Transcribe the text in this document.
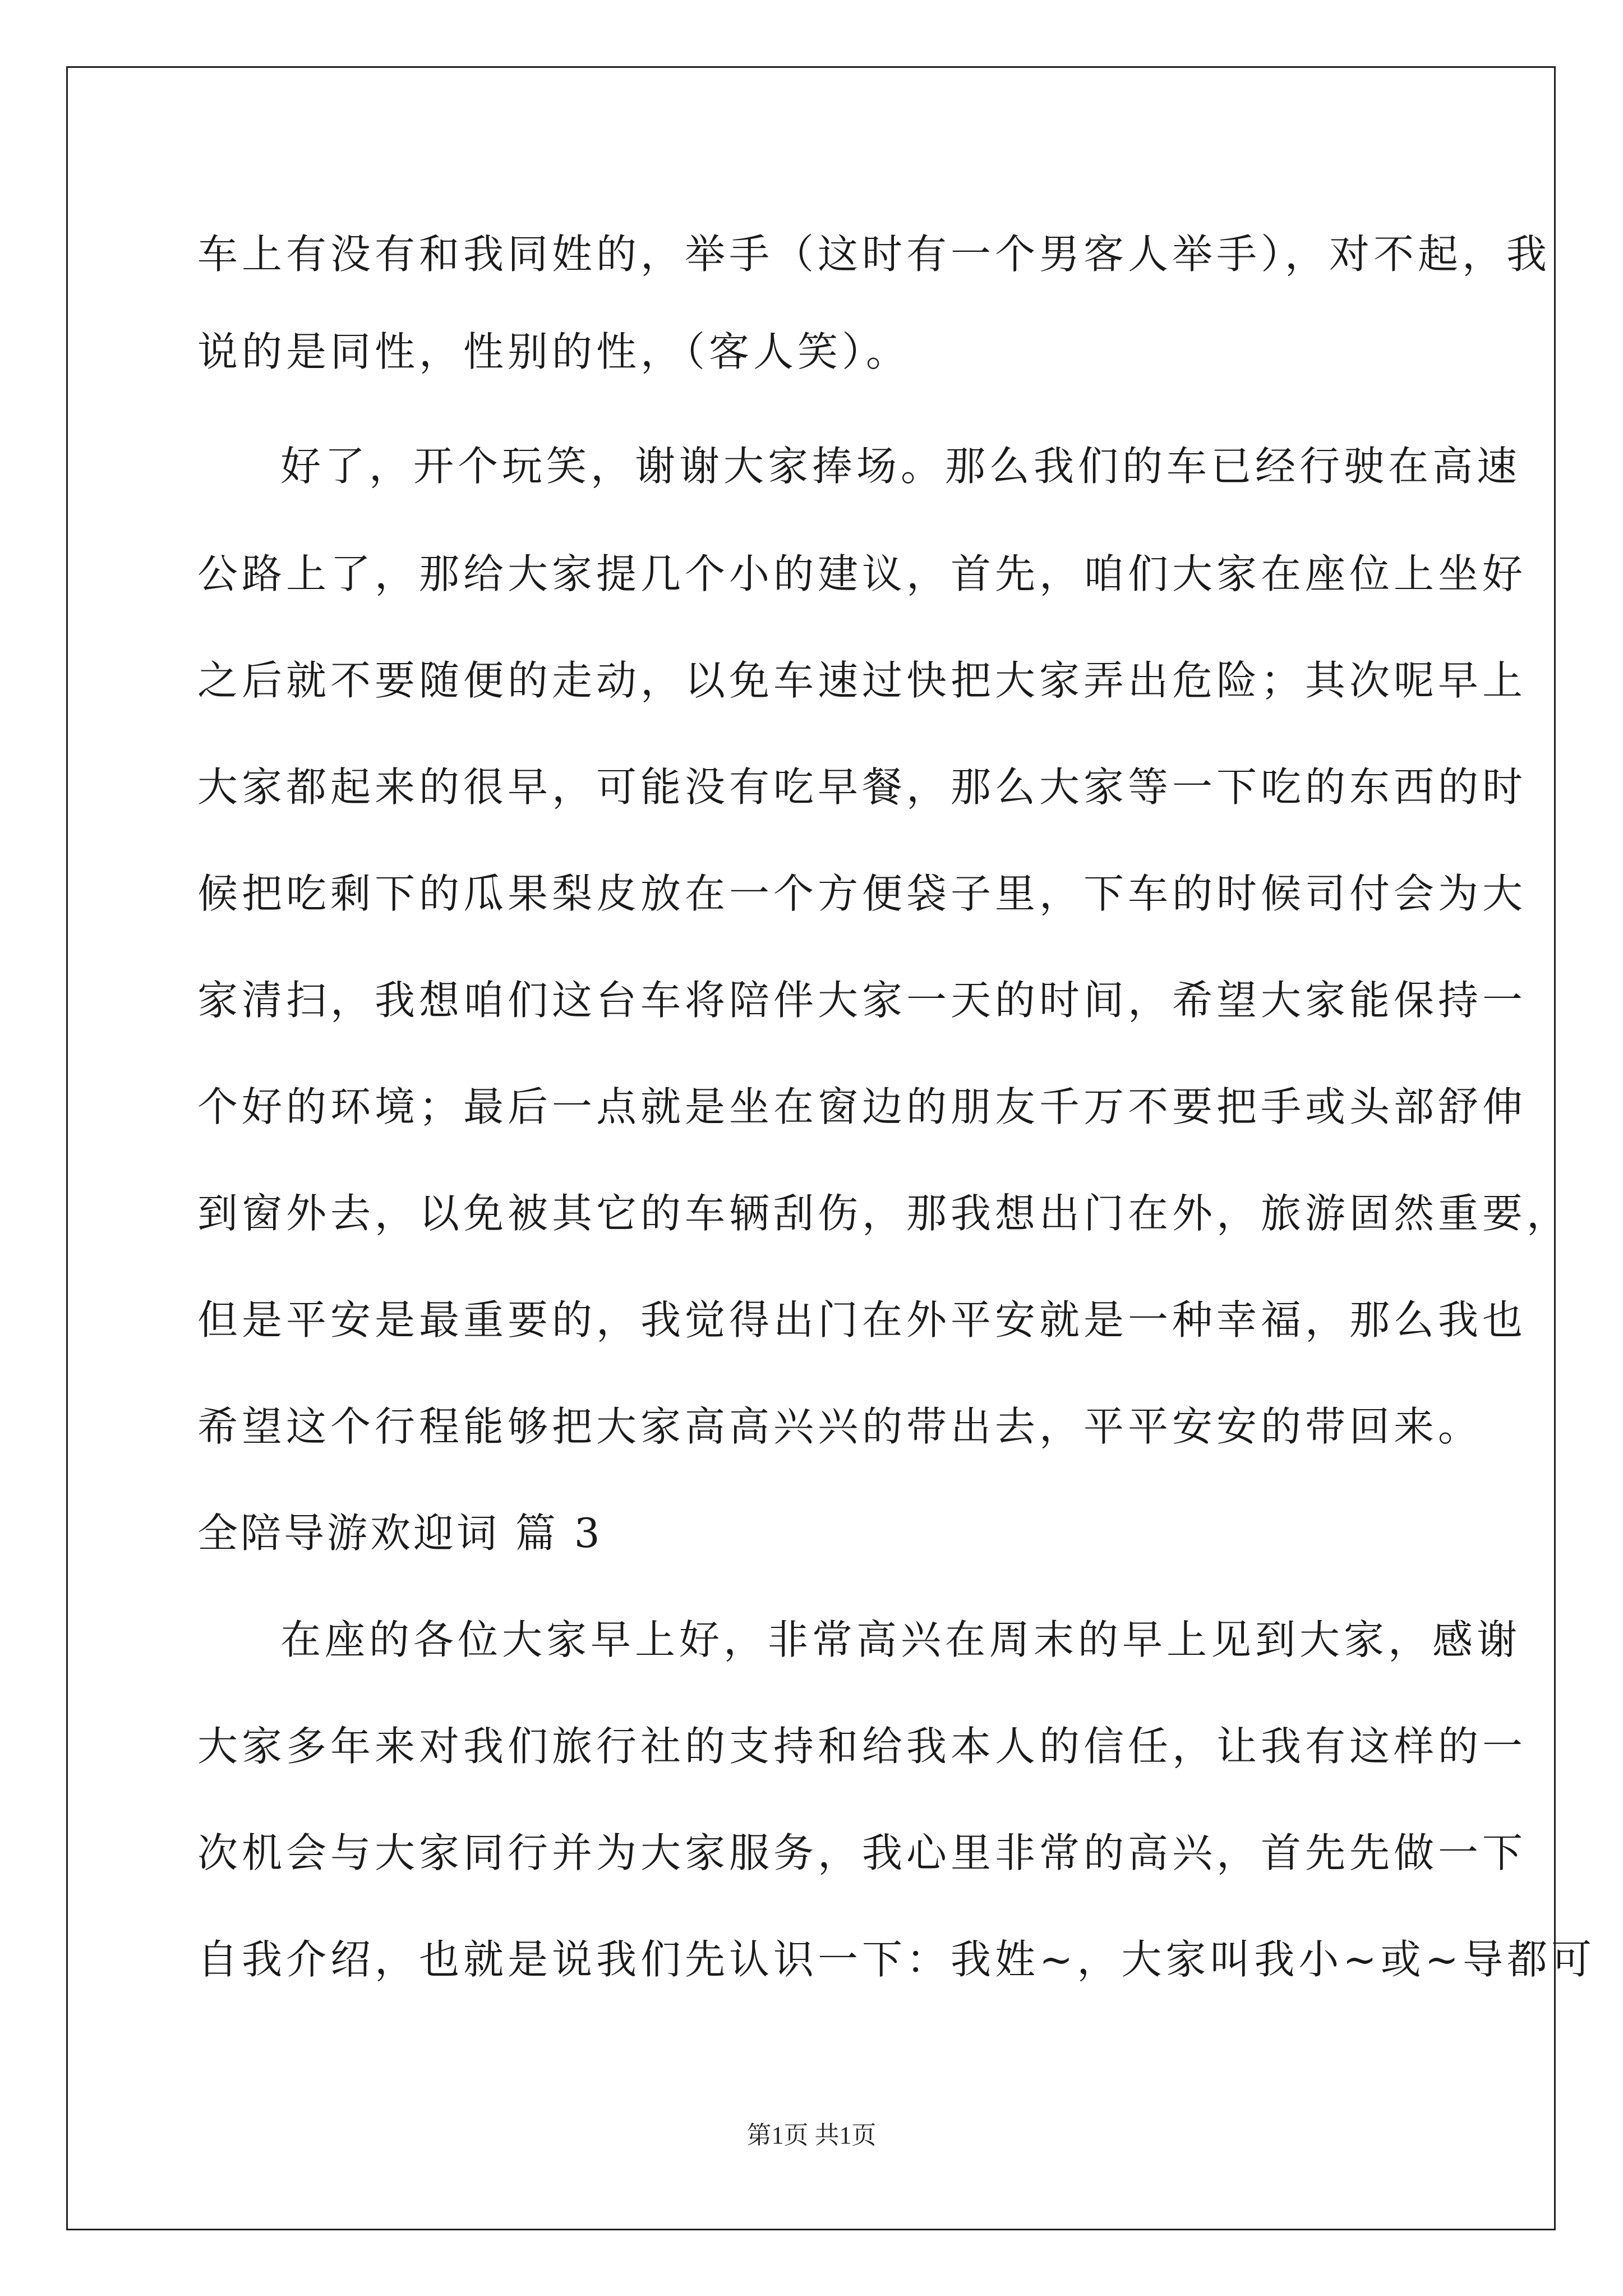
车上有没有和我同姓的，举手（这时有一个男客人举手），对不起，我

说的是同性，性别的性，（客人笑）。

好了，开个玩笑，谢谢大家捧场。那么我们的车已经行驶在高速

公路上了，那给大家提几个小的建议，首先，咱们大家在座位上坐好

之后就不要随便的走动，以免车速过快把大家弄出危险；其次呢早上

大家都起来的很早，可能没有吃早餐，那么大家等一下吃的东西的时

候把吃剩下的瓜果梨皮放在一个方便袋子里，下车的时候司付会为大

家清扫，我想咱们这台车将陪伴大家一天的时间，希望大家能保持一

个好的环境；最后一点就是坐在窗边的朋友千万不要把手或头部舒伸

到窗外去，以免被其它的车辆刮伤，那我想出门在外，旅游固然重要，

但是平安是最重要的，我觉得出门在外平安就是一种幸福，那么我也

希望这个行程能够把大家高高兴兴的带出去，平平安安的带回来。

全陪导游欢迎词 篇 3

在座的各位大家早上好，非常高兴在周末的早上见到大家，感谢

大家多年来对我们旅行社的支持和给我本人的信任，让我有这样的一

次机会与大家同行并为大家服务，我心里非常的高兴，首先先做一下

自我介绍，也就是说我们先认识一下：我姓~，大家叫我小~或~导都可

第1页 共1页
